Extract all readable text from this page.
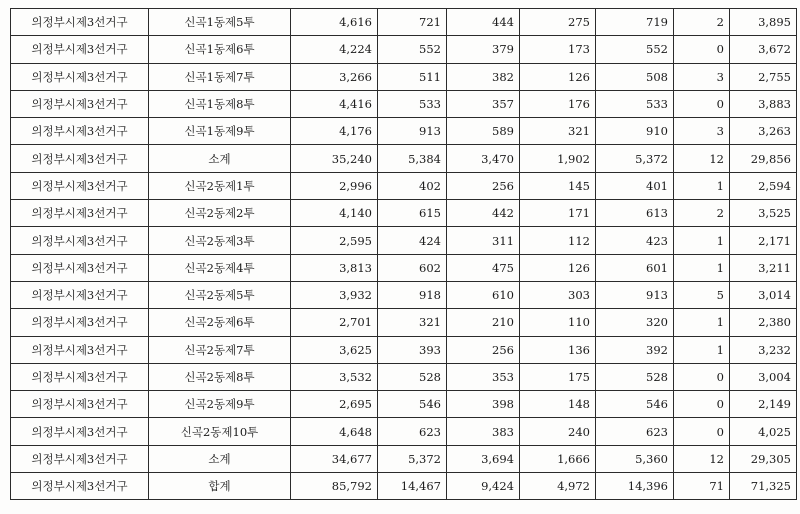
의정부시제3선거구	신곡1동제5투	4,616	721	444	275	719	2	3,895
의정부시제3선거구	신곡1동제6투	4,224	552	379	173	552	0	3,672
의정부시제3선거구	신곡1동제7투	3,266	511	382	126	508	3	2,755
의정부시제3선거구	신곡1동제8투	4,416	533	357	176	533	0	3,883
의정부시제3선거구	신곡1동제9투	4,176	913	589	321	910	3	3,263
의정부시제3선거구	소계	35,240	5,384	3,470	1,902	5,372	12	29,856
의정부시제3선거구	신곡2동제1투	2,996	402	256	145	401	1	2,594
의정부시제3선거구	신곡2동제2투	4,140	615	442	171	613	2	3,525
의정부시제3선거구	신곡2동제3투	2,595	424	311	112	423	1	2,171
의정부시제3선거구	신곡2동제4투	3,813	602	475	126	601	1	3,211
의정부시제3선거구	신곡2동제5투	3,932	918	610	303	913	5	3,014
의정부시제3선거구	신곡2동제6투	2,701	321	210	110	320	1	2,380
의정부시제3선거구	신곡2동제7투	3,625	393	256	136	392	1	3,232
의정부시제3선거구	신곡2동제8투	3,532	528	353	175	528	0	3,004
의정부시제3선거구	신곡2동제9투	2,695	546	398	148	546	0	2,149
의정부시제3선거구	신곡2동제10투	4,648	623	383	240	623	0	4,025
의정부시제3선거구	소계	34,677	5,372	3,694	1,666	5,360	12	29,305
의정부시제3선거구	합계	85,792	14,467	9,424	4,972	14,396	71	71,325
